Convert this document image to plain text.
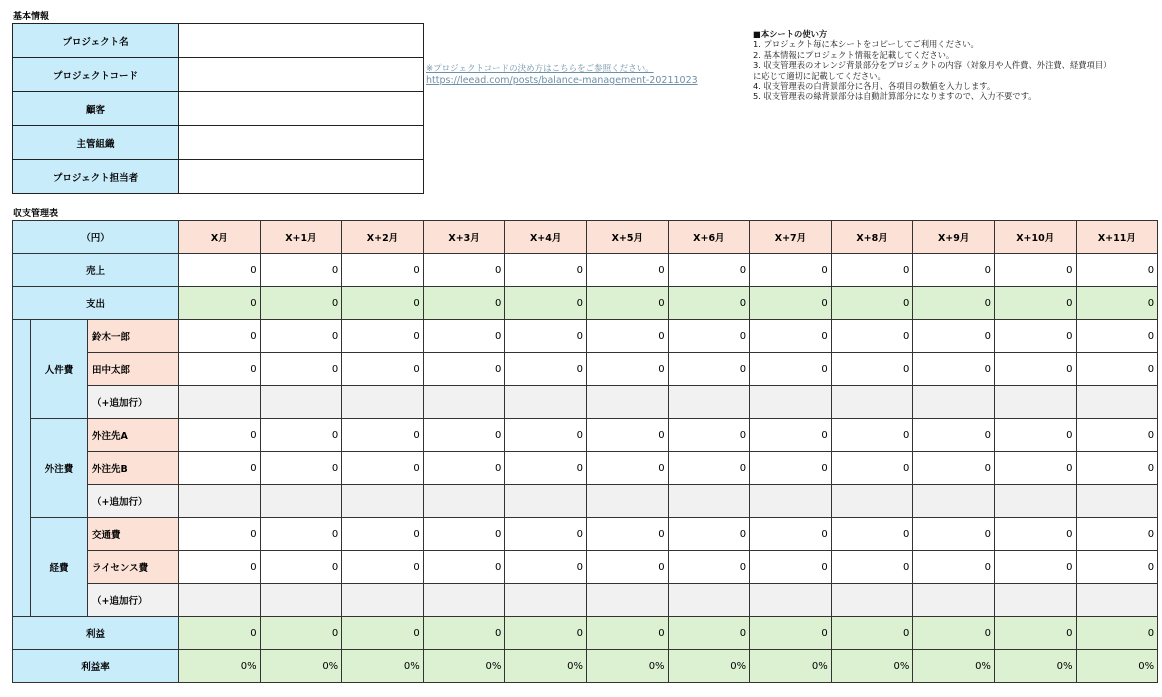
基本情報
プロジェクト名	
プロジェクトコード	
顧客	
主管組織	
プロジェクト担当者	
※プロジェクトコードの決め方はこちらをご参照ください。
https://leead.com/posts/balance-management-20211023
■本シートの使い方
1. プロジェクト毎に本シートをコピーしてご利用ください。
2. 基本情報にプロジェクト情報を記載してください。
3. 収支管理表のオレンジ背景部分をプロジェクトの内容（対象月や人件費、外注費、経費項目）
に応じて適切に記載してください。
4. 収支管理表の白背景部分に各月、各項目の数値を入力します。
5. 収支管理表の緑背景部分は自動計算部分になりますので、入力不要です。
収支管理表
（円）			X月	X+1月	X+2月	X+3月	X+4月	X+5月	X+6月	X+7月	X+8月	X+9月	X+10月	X+11月
売上			0	0	0	0	0	0	0	0	0	0	0	0
支出			0	0	0	0	0	0	0	0	0	0	0	0
	人件費	鈴木一郎	0	0	0	0	0	0	0	0	0	0	0	0
		田中太郎	0	0	0	0	0	0	0	0	0	0	0	0
		（+追加行）												
	外注費	外注先A	0	0	0	0	0	0	0	0	0	0	0	0
		外注先B	0	0	0	0	0	0	0	0	0	0	0	0
		（+追加行）												
	経費	交通費	0	0	0	0	0	0	0	0	0	0	0	0
		ライセンス費	0	0	0	0	0	0	0	0	0	0	0	0
		（+追加行）												
利益			0	0	0	0	0	0	0	0	0	0	0	0
利益率			0%	0%	0%	0%	0%	0%	0%	0%	0%	0%	0%	0%
